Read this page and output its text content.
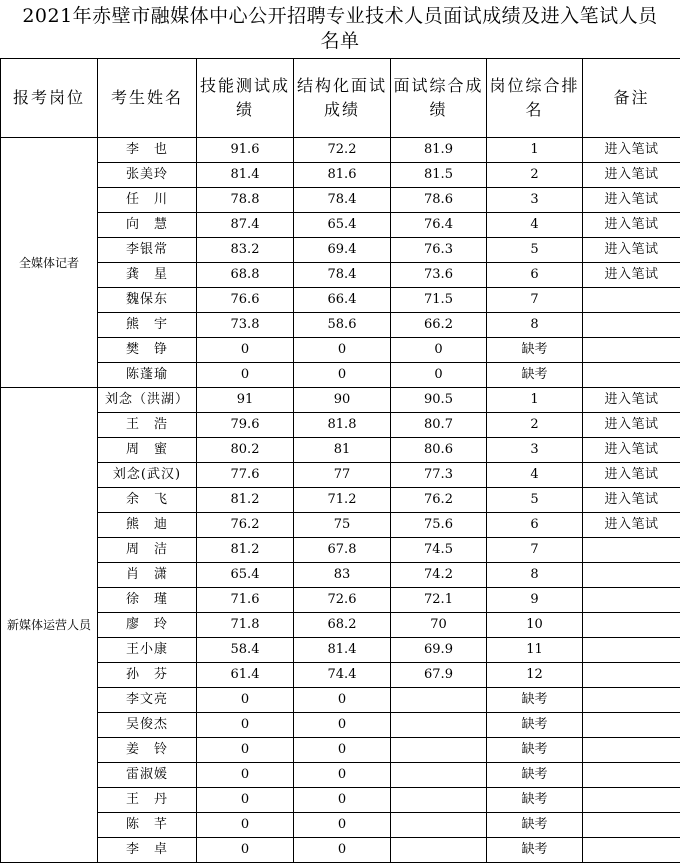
2021年赤壁市融媒体中心公开招聘专业技术人员面试成绩及进入笔试人员名单
报考岗位	考生姓名	技能测试成绩	结构化面试成绩	面试综合成绩	岗位综合排名	备注
全媒体记者	李　也	91.6	72.2	81.9	1	进入笔试
	张美玲	81.4	81.6	81.5	2	进入笔试
	任　川	78.8	78.4	78.6	3	进入笔试
	向　慧	87.4	65.4	76.4	4	进入笔试
	李银常	83.2	69.4	76.3	5	进入笔试
	龚　星	68.8	78.4	73.6	6	进入笔试
	魏保东	76.6	66.4	71.5	7	
	熊　宇	73.8	58.6	66.2	8	
	樊　铮	0	0	0	缺考	
	陈蓬瑜	0	0	0	缺考	
新媒体运营人员	刘念（洪湖）	91	90	90.5	1	进入笔试
	王　浩	79.6	81.8	80.7	2	进入笔试
	周　蜜	80.2	81	80.6	3	进入笔试
	刘念(武汉)	77.6	77	77.3	4	进入笔试
	余　飞	81.2	71.2	76.2	5	进入笔试
	熊　迪	76.2	75	75.6	6	进入笔试
	周　洁	81.2	67.8	74.5	7	
	肖　潇	65.4	83	74.2	8	
	徐　瑾	71.6	72.6	72.1	9	
	廖　玲	71.8	68.2	70	10	
	王小康	58.4	81.4	69.9	11	
	孙　芬	61.4	74.4	67.9	12	
	李文亮	0	0		缺考	
	吴俊杰	0	0		缺考	
	姜　铃	0	0		缺考	
	雷淑媛	0	0		缺考	
	王　丹	0	0		缺考	
	陈　芊	0	0		缺考	
	李　卓	0	0		缺考	
